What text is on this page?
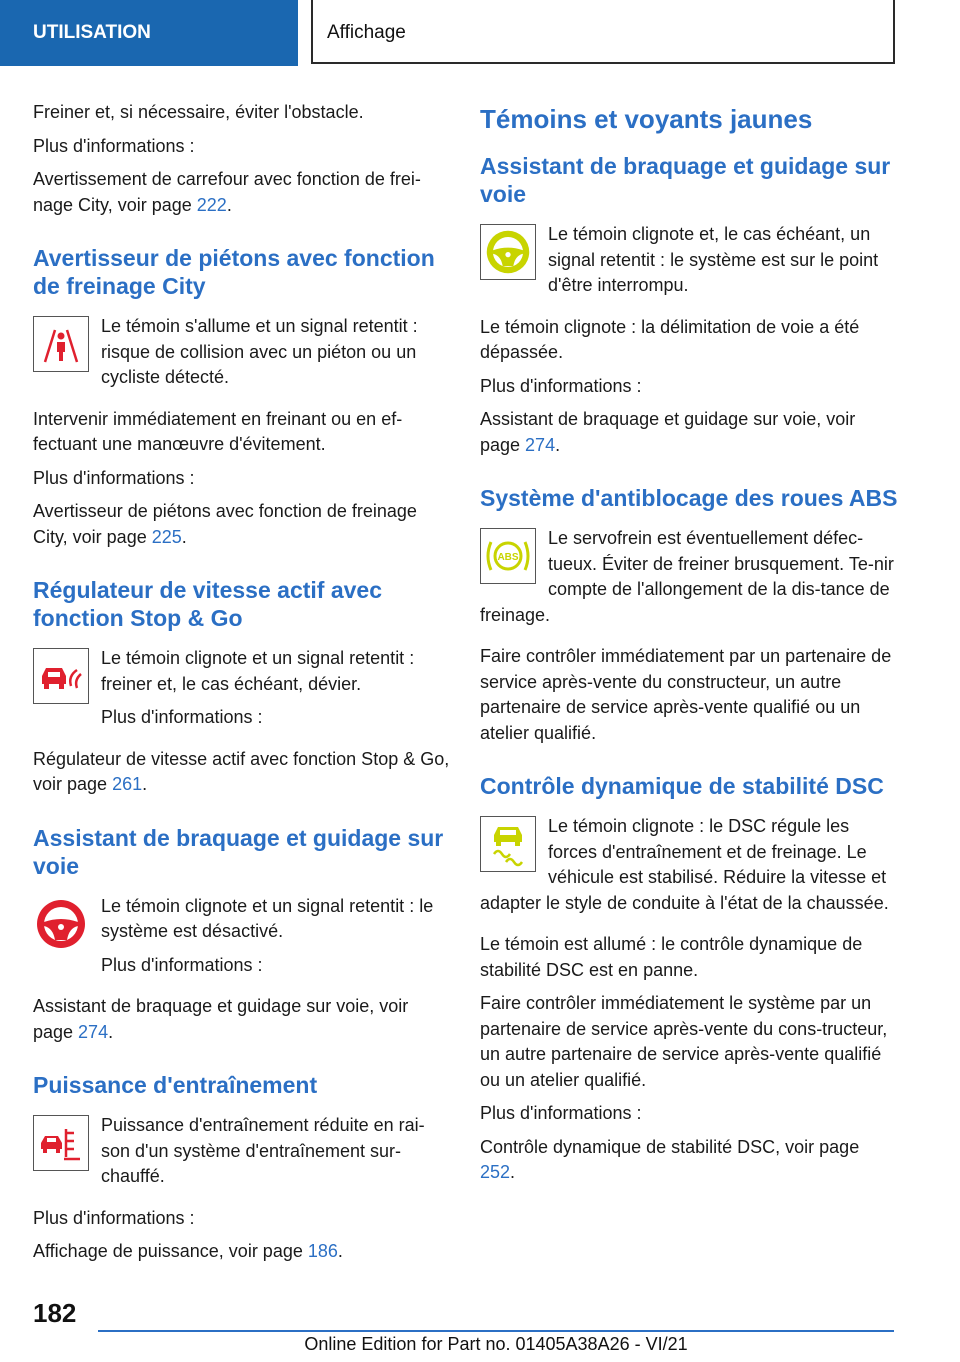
UTILISATION	Affichage

Freiner et, si nécessaire, éviter l'obstacle.

Plus d'informations :

Avertissement de carrefour avec fonction de frei-nage City, voir page 222.

Avertisseur de piétons avec fonction de freinage City

Le témoin s'allume et un signal retentit : risque de collision avec un piéton ou un cycliste détecté.

Intervenir immédiatement en freinant ou en ef-fectuant une manœuvre d'évitement.

Plus d'informations :

Avertisseur de piétons avec fonction de freinage City, voir page 225.

Régulateur de vitesse actif avec fonction Stop & Go

Le témoin clignote et un signal retentit : freiner et, le cas échéant, dévier.

Plus d'informations :

Régulateur de vitesse actif avec fonction Stop & Go, voir page 261.

Assistant de braquage et guidage sur voie

Le témoin clignote et un signal retentit : le système est désactivé.

Plus d'informations :

Assistant de braquage et guidage sur voie, voir page 274.

Puissance d'entraînement

Puissance d'entraînement réduite en rai-son d'un système d'entraînement sur-chauffé.

Plus d'informations :

Affichage de puissance, voir page 186.

Témoins et voyants jaunes
Assistant de braquage et guidage sur voie

Le témoin clignote et, le cas échéant, un signal retentit : le système est sur le point d'être interrompu.

Le témoin clignote : la délimitation de voie a été dépassée.

Plus d'informations :

Assistant de braquage et guidage sur voie, voir page 274.

Système d'antiblocage des roues ABS
ABS

Le servofrein est éventuellement défec-tueux. Éviter de freiner brusquement. Te-nir compte de l'allongement de la dis-tance de freinage.

Faire contrôler immédiatement par un partenaire de service après-vente du constructeur, un autre partenaire de service après-vente qualifié ou un atelier qualifié.

Contrôle dynamique de stabilité DSC

Le témoin clignote : le DSC régule les forces d'entraînement et de freinage. Le véhicule est stabilisé. Réduire la vitesse et adapter le style de conduite à l'état de la chaussée.

Le témoin est allumé : le contrôle dynamique de stabilité DSC est en panne.

Faire contrôler immédiatement le système par un partenaire de service après-vente du cons-tructeur, un autre partenaire de service après-vente qualifié ou un atelier qualifié.

Plus d'informations :

Contrôle dynamique de stabilité DSC, voir page 252.

182
Online Edition for Part no. 01405A38A26 - VI/21
